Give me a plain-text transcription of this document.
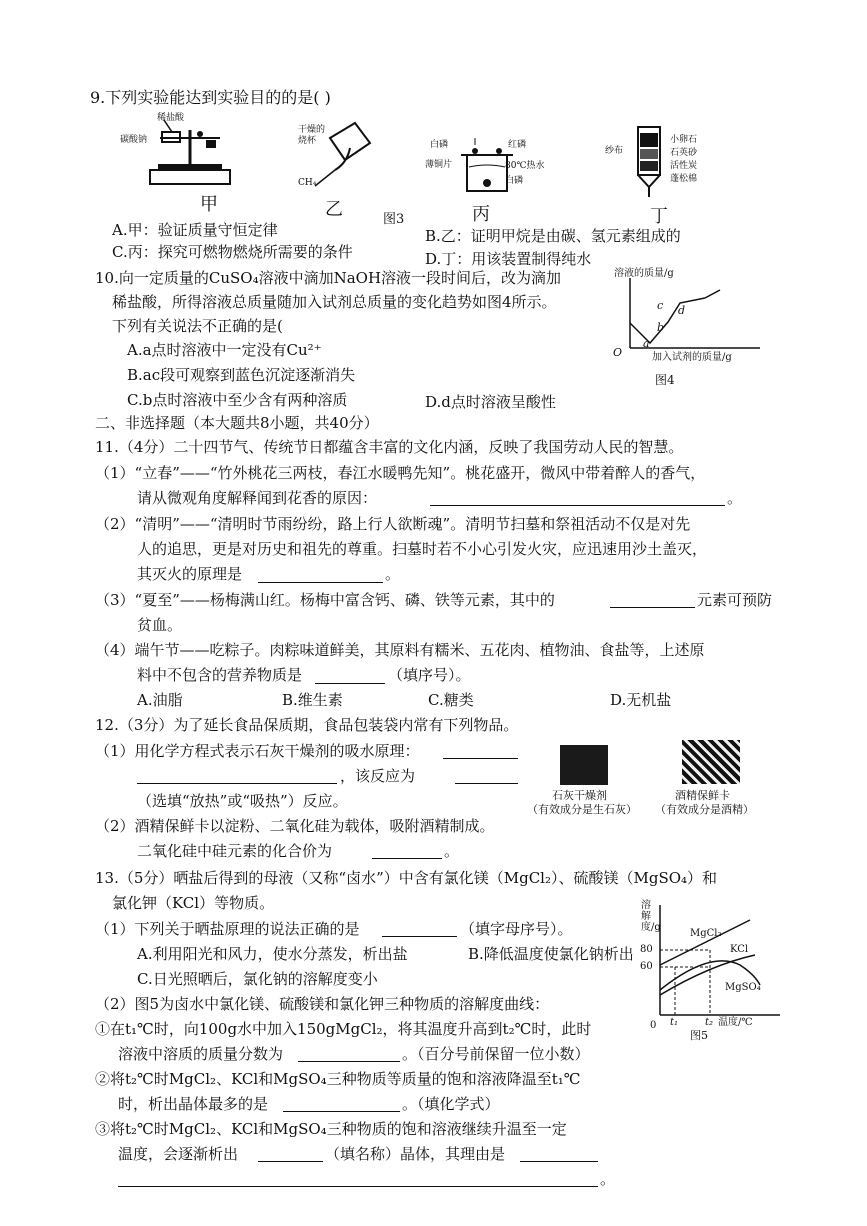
9.下列实验能达到实验目的的是( )
稀盐酸
碳酸钠
干燥的
烧杯
CH₄
白磷	红磷
薄铜片	80℃热水
白磷
纱布
小卵石
石英砂
活性炭
蓬松棉
甲	乙	图3	丙	丁
A.甲：验证质量守恒定律	B.乙：证明甲烷是由碳、氢元素组成的
C.丙：探究可燃物燃烧所需要的条件	D.丁：用该装置制得纯水
10.向一定质量的CuSO₄溶液中滴加NaOH溶液一段时间后，改为滴加
稀盐酸，所得溶液总质量随加入试剂总质量的变化趋势如图4所示。
下列有关说法不正确的是(
A.a点时溶液中一定没有Cu²⁺
B.ac段可观察到蓝色沉淀逐渐消失
C.b点时溶液中至少含有两种溶质	D.d点时溶液呈酸性
溶液的质量/g
加入试剂的质量/g
O
a
b
c d
图4
二、非选择题（本大题共8小题，共40分）
11.（4分）二十四节气、传统节日都蕴含丰富的文化内涵，反映了我国劳动人民的智慧。
（1）“立春”——“竹外桃花三两枝，春江水暖鸭先知”。桃花盛开，微风中带着醉人的香气，
请从微观角度解释闻到花香的原因：	。
（2）“清明”——“清明时节雨纷纷，路上行人欲断魂”。清明节扫墓和祭祖活动不仅是对先
人的追思，更是对历史和祖先的尊重。扫墓时若不小心引发火灾，应迅速用沙土盖灭，
其灭火的原理是	。
（3）“夏至”——杨梅满山红。杨梅中富含钙、磷、铁等元素，其中的	元素可预防
贫血。
（4）端午节——吃粽子。肉粽味道鲜美，其原料有糯米、五花肉、植物油、食盐等，上述原
料中不包含的营养物质是	（填序号）。
A.油脂	B.维生素	C.糖类	D.无机盐
12.（3分）为了延长食品保质期，食品包装袋内常有下列物品。
（1）用化学方程式表示石灰干燥剂的吸水原理：
，该反应为
（选填“放热”或“吸热”）反应。
（2）酒精保鲜卡以淀粉、二氧化硅为载体，吸附酒精制成。
二氧化硅中硅元素的化合价为	。
石灰干燥剂
（有效成分是生石灰）
酒精保鲜卡
（有效成分是酒精）
13.（5分）晒盐后得到的母液（又称“卤水”）中含有氯化镁（MgCl₂）、硫酸镁（MgSO₄）和
氯化钾（KCl）等物质。
（1）下列关于晒盐原理的说法正确的是	（填字母序号）。
A.利用阳光和风力，使水分蒸发，析出盐	B.降低温度使氯化钠析出
C.日光照晒后，氯化钠的溶解度变小
（2）图5为卤水中氯化镁、硫酸镁和氯化钾三种物质的溶解度曲线：
①在t₁℃时，向100g水中加入150gMgCl₂，将其温度升高到t₂℃时，此时
溶液中溶质的质量分数为	。（百分号前保留一位小数）
②将t₂℃时MgCl₂、KCl和MgSO₄三种物质等质量的饱和溶液降温至t₁℃
时，析出晶体最多的是	。（填化学式）
③将t₂℃时MgCl₂、KCl和MgSO₄三种物质的饱和溶液继续升温至一定
温度，会逐渐析出	（填名称）晶体，其理由是
。
溶解度/g
80
60
0 t₁	t₂ 温度/℃
MgCl₂
KCl
MgSO₄
图5
